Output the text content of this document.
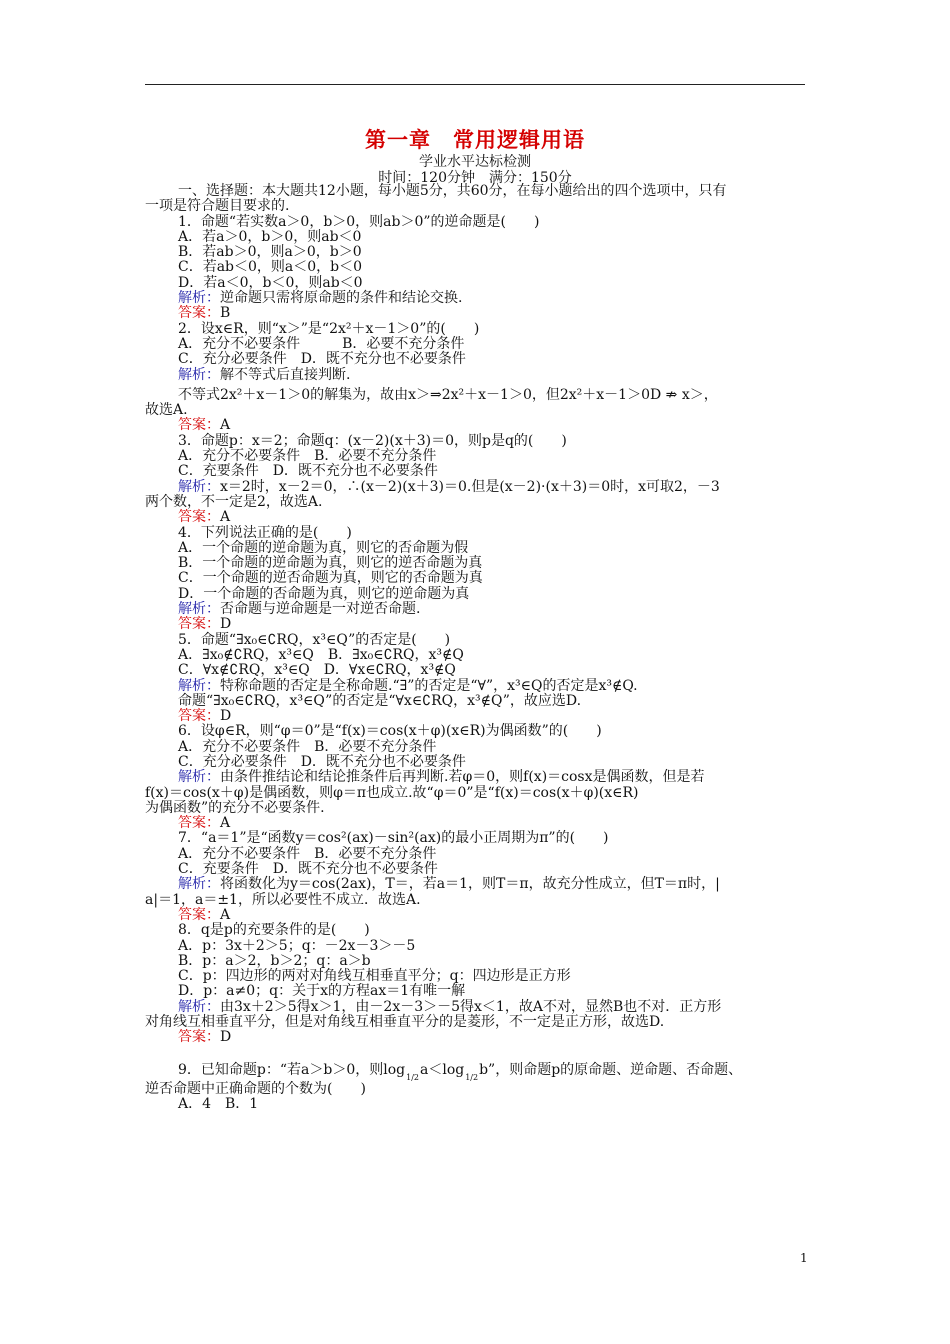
第一章　常用逻辑用语
学业水平达标检测
时间：120分钟　满分：150分
一、选择题：本大题共12小题，每小题5分，共60分，在每小题给出的四个选项中，只有
一项是符合题目要求的.
1．命题“若实数a＞0，b＞0，则ab＞0”的逆命题是(　　)
A．若a＞0，b＞0，则ab＜0
B．若ab＞0，则a＞0，b＞0
C．若ab＜0，则a＜0，b＜0
D．若a＜0，b＜0，则ab＜0
解析：逆命题只需将原命题的条件和结论交换.
答案：B
2．设x∈R，则“x＞”是“2x²＋x－1＞0”的(　　)
A．充分不必要条件　　　B．必要不充分条件
C．充分必要条件　D．既不充分也不必要条件
解析：解不等式后直接判断.
不等式2x²＋x－1＞0的解集为，故由x＞⇒2x²＋x－1＞0，但2x²＋x－1＞0D ⇏ x＞，
故选A.
答案：A
3．命题p：x＝2；命题q：(x－2)(x＋3)＝0，则p是q的(　　)
A．充分不必要条件　B．必要不充分条件
C．充要条件　D．既不充分也不必要条件
解析：x＝2时，x－2＝0，∴(x－2)(x＋3)＝0.但是(x－2)·(x＋3)＝0时，x可取2，－3
两个数，不一定是2，故选A.
答案：A
4．下列说法正确的是(　　)
A．一个命题的逆命题为真，则它的否命题为假
B．一个命题的逆命题为真，则它的逆否命题为真
C．一个命题的逆否命题为真，则它的否命题为真
D．一个命题的否命题为真，则它的逆命题为真
解析：否命题与逆命题是一对逆否命题.
答案：D
5．命题“∃x₀∈∁RQ，x³∈Q”的否定是(　　)
A．∃x₀∉∁RQ，x³∈Q　B．∃x₀∈∁RQ，x³∉Q
C．∀x∉∁RQ，x³∈Q　D．∀x∈∁RQ，x³∉Q
解析：特称命题的否定是全称命题.“∃”的否定是“∀”，x³∈Q的否定是x³∉Q.
命题“∃x₀∈∁RQ，x³∈Q”的否定是“∀x∈∁RQ，x³∉Q”，故应选D.
答案：D
6．设φ∈R，则“φ＝0”是“f(x)＝cos(x＋φ)(x∈R)为偶函数”的(　　)
A．充分不必要条件　B．必要不充分条件
C．充分必要条件　D．既不充分也不必要条件
解析：由条件推结论和结论推条件后再判断.若φ＝0，则f(x)＝cosx是偶函数，但是若
f(x)＝cos(x＋φ)是偶函数，则φ＝π也成立.故“φ＝0”是“f(x)＝cos(x＋φ)(x∈R)
为偶函数”的充分不必要条件.
答案：A
7．“a＝1”是“函数y＝cos²(ax)－sin²(ax)的最小正周期为π”的(　　)
A．充分不必要条件　B．必要不充分条件
C．充要条件　D．既不充分也不必要条件
解析：将函数化为y＝cos(2ax)，T＝，若a＝1，则T＝π，故充分性成立，但T＝π时，|
a|＝1，a＝±1，所以必要性不成立．故选A.
答案：A
8．q是p的充要条件的是(　　)
A．p：3x＋2＞5；q：－2x－3＞－5
B．p：a＞2，b＞2；q：a＞b
C．p：四边形的两对对角线互相垂直平分；q：四边形是正方形
D．p：a≠0；q：关于x的方程ax＝1有唯一解
解析：由3x＋2＞5得x＞1，由－2x－3＞－5得x＜1，故A不对，显然B也不对．正方形
对角线互相垂直平分，但是对角线互相垂直平分的是菱形，不一定是正方形，故选D.
答案：D
9．已知命题p：“若a＞b＞0，则log1/2a＜log1/2b”，则命题p的原命题、逆命题、否命题、
逆否命题中正确命题的个数为(　　)
A．4　B．1
1
